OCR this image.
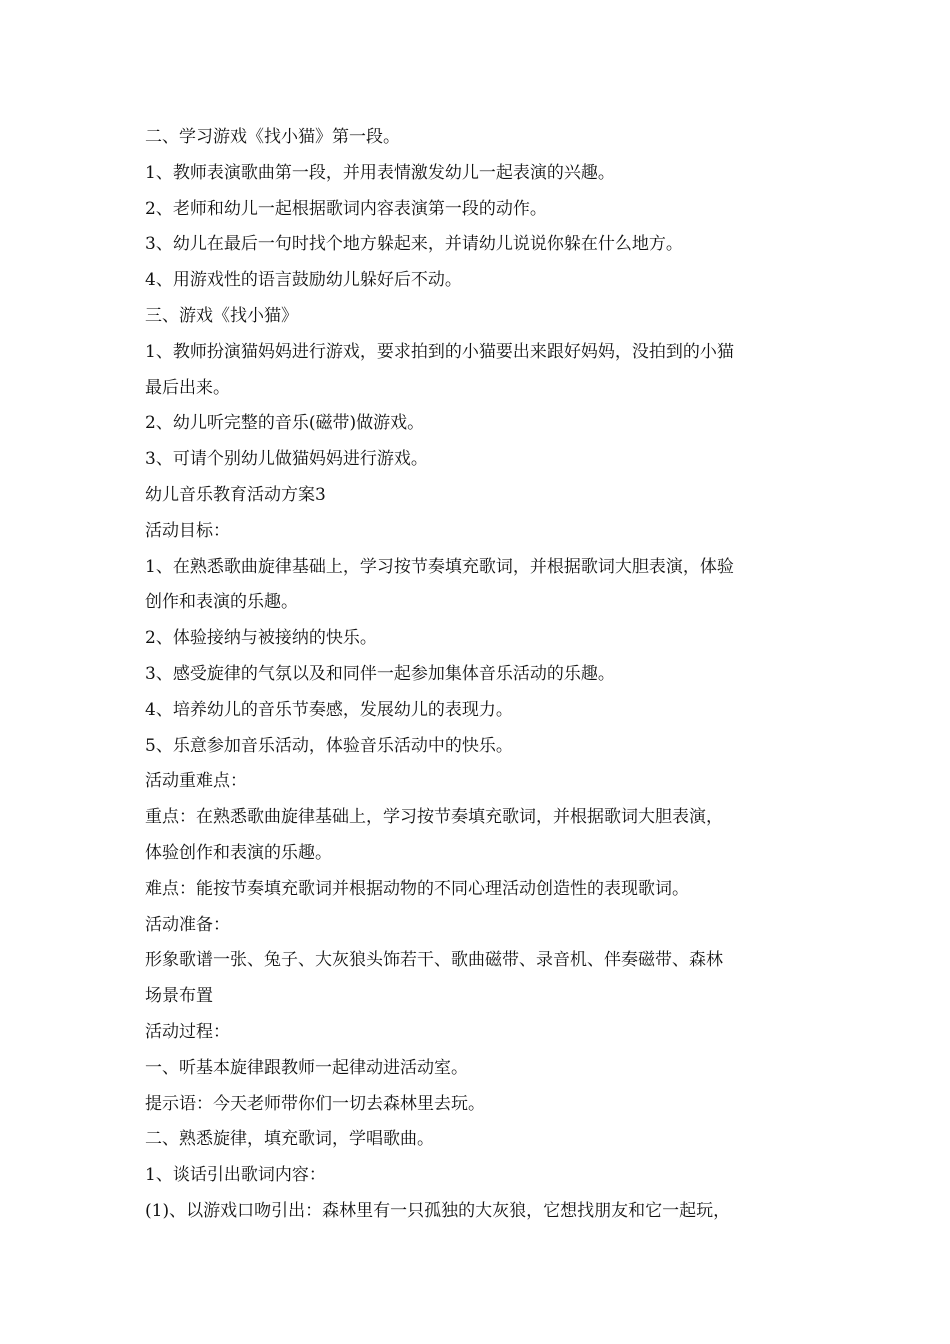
二、学习游戏《找小猫》第一段。
1、教师表演歌曲第一段，并用表情激发幼儿一起表演的兴趣。
2、老师和幼儿一起根据歌词内容表演第一段的动作。
3、幼儿在最后一句时找个地方躲起来，并请幼儿说说你躲在什么地方。
4、用游戏性的语言鼓励幼儿躲好后不动。
三、游戏《找小猫》
1、教师扮演猫妈妈进行游戏，要求拍到的小猫要出来跟好妈妈，没拍到的小猫
最后出来。
2、幼儿听完整的音乐(磁带)做游戏。
3、可请个别幼儿做猫妈妈进行游戏。
幼儿音乐教育活动方案3
活动目标：
1、在熟悉歌曲旋律基础上，学习按节奏填充歌词，并根据歌词大胆表演，体验
创作和表演的乐趣。
2、体验接纳与被接纳的快乐。
3、感受旋律的气氛以及和同伴一起参加集体音乐活动的乐趣。
4、培养幼儿的音乐节奏感，发展幼儿的表现力。
5、乐意参加音乐活动，体验音乐活动中的快乐。
活动重难点：
重点：在熟悉歌曲旋律基础上，学习按节奏填充歌词，并根据歌词大胆表演，
体验创作和表演的乐趣。
难点：能按节奏填充歌词并根据动物的不同心理活动创造性的表现歌词。
活动准备：
形象歌谱一张、兔子、大灰狼头饰若干、歌曲磁带、录音机、伴奏磁带、森林
场景布置
活动过程：
一、听基本旋律跟教师一起律动进活动室。
提示语：今天老师带你们一切去森林里去玩。
二、熟悉旋律，填充歌词，学唱歌曲。
1、谈话引出歌词内容：
(1)、以游戏口吻引出：森林里有一只孤独的大灰狼，它想找朋友和它一起玩，
